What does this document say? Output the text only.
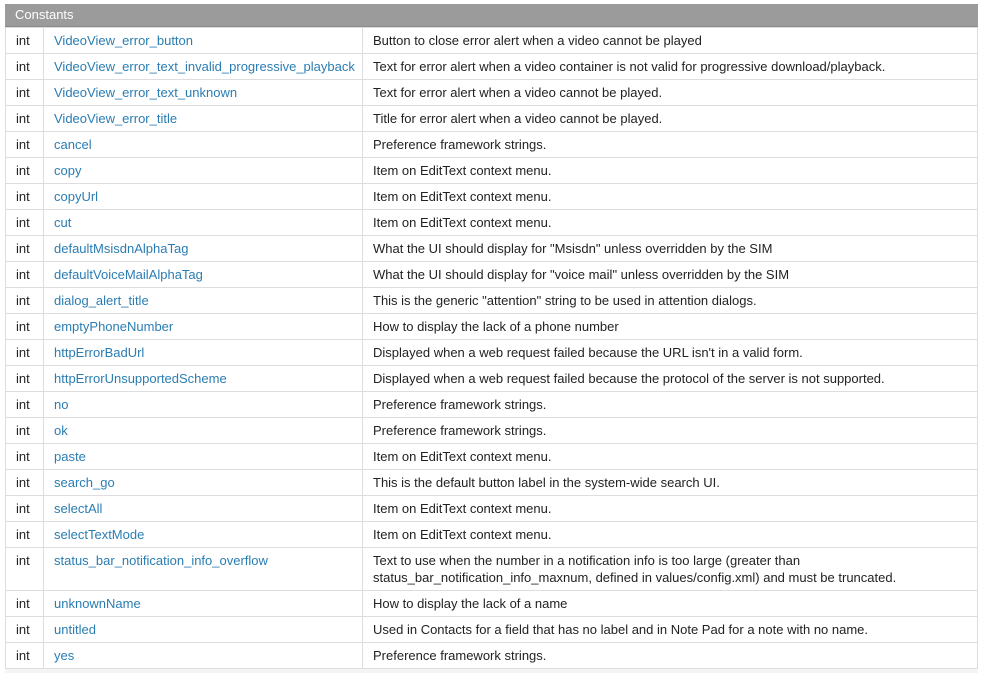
Constants
int	VideoView_error_button	Button to close error alert when a video cannot be played
int	VideoView_error_text_invalid_progressive_playback	Text for error alert when a video container is not valid for progressive download/playback.
int	VideoView_error_text_unknown	Text for error alert when a video cannot be played.
int	VideoView_error_title	Title for error alert when a video cannot be played.
int	cancel	Preference framework strings.
int	copy	Item on EditText context menu.
int	copyUrl	Item on EditText context menu.
int	cut	Item on EditText context menu.
int	defaultMsisdnAlphaTag	What the UI should display for "Msisdn" unless overridden by the SIM
int	defaultVoiceMailAlphaTag	What the UI should display for "voice mail" unless overridden by the SIM
int	dialog_alert_title	This is the generic "attention" string to be used in attention dialogs.
int	emptyPhoneNumber	How to display the lack of a phone number
int	httpErrorBadUrl	Displayed when a web request failed because the URL isn't in a valid form.
int	httpErrorUnsupportedScheme	Displayed when a web request failed because the protocol of the server is not supported.
int	no	Preference framework strings.
int	ok	Preference framework strings.
int	paste	Item on EditText context menu.
int	search_go	This is the default button label in the system-wide search UI.
int	selectAll	Item on EditText context menu.
int	selectTextMode	Item on EditText context menu.
int	status_bar_notification_info_overflow	Text to use when the number in a notification info is too large (greater than status_bar_notification_info_maxnum, defined in values/config.xml) and must be truncated.
int	unknownName	How to display the lack of a name
int	untitled	Used in Contacts for a field that has no label and in Note Pad for a note with no name.
int	yes	Preference framework strings.
